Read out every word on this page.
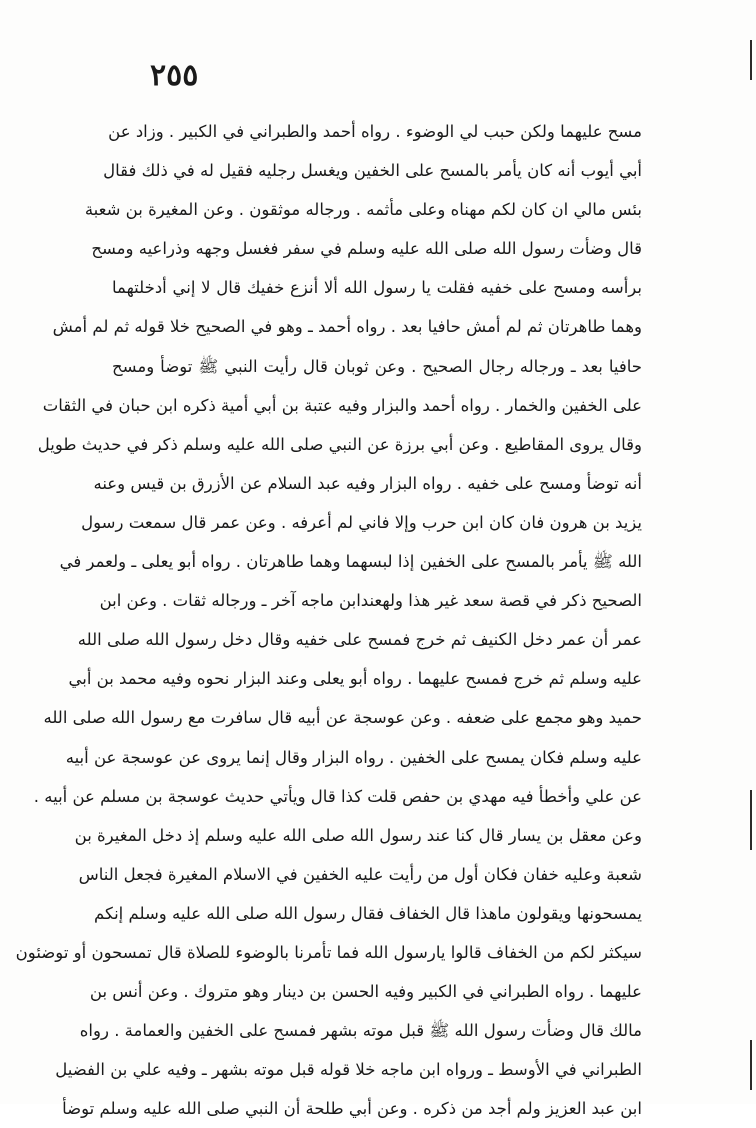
٢٥٥
مسح عليهما ولكن حبب لي الوضوء . رواه أحمد والطبراني في الكبير . وزاد عن
أبي أيوب أنه كان يأمر بالمسح على الخفين ويغسل رجليه فقيل له في ذلك فقال
بئس مالي ان كان لكم مهناه وعلى مأثمه . ورجاله موثقون . وعن المغيرة بن شعبة
قال وضأت رسول الله صلى الله عليه وسلم في سفر فغسل وجهه وذراعيه ومسح
برأسه ومسح على خفيه فقلت يا رسول الله ألا أنزع خفيك قال لا إني أدخلتهما
وهما طاهرتان ثم لم أمش حافيا بعد . رواه أحمد ـ وهو في الصحيح خلا قوله ثم لم أمش
حافيا بعد ـ ورجاله رجال الصحيح . وعن ثوبان قال رأيت النبي ﷺ توضأ ومسح
على الخفين والخمار . رواه أحمد والبزار وفيه عتبة بن أبي أمية ذكره ابن حبان في الثقات
وقال يروى المقاطيع . وعن أبي برزة عن النبي صلى الله عليه وسلم ذكر في حديث طويل
أنه توضأ ومسح على خفيه . رواه البزار وفيه عبد السلام عن الأزرق بن قيس وعنه
يزيد بن هرون فان كان ابن حرب وإلا فاني لم أعرفه . وعن عمر قال سمعت رسول
الله ﷺ يأمر بالمسح على الخفين إذا لبسهما وهما طاهرتان . رواه أبو يعلى ـ ولعمر في
الصحيح ذكر في قصة سعد غير هذا ولهعندابن ماجه آخر ـ ورجاله ثقات . وعن ابن
عمر أن عمر دخل الكنيف ثم خرج فمسح على خفيه وقال دخل رسول الله صلى الله
عليه وسلم ثم خرج فمسح عليهما . رواه أبو يعلى وعند البزار نحوه وفيه محمد بن أبي
حميد وهو مجمع على ضعفه . وعن عوسجة عن أبيه قال سافرت مع رسول الله صلى الله
عليه وسلم فكان يمسح على الخفين . رواه البزار وقال إنما يروى عن عوسجة عن أبيه
عن علي وأخطأ فيه مهدي بن حفص قلت كذا قال ويأتي حديث عوسجة بن مسلم عن أبيه .
وعن معقل بن يسار قال كنا عند رسول الله صلى الله عليه وسلم إذ دخل المغيرة بن
شعبة وعليه خفان فكان أول من رأيت عليه الخفين في الاسلام المغيرة فجعل الناس
يمسحونها ويقولون ماهذا قال الخفاف فقال رسول الله صلى الله عليه وسلم إنكم
سيكثر لكم من الخفاف قالوا يارسول الله فما تأمرنا بالوضوء للصلاة قال تمسحون أو توضئون
عليهما . رواه الطبراني في الكبير وفيه الحسن بن دينار وهو متروك . وعن أنس بن
مالك قال وضأت رسول الله ﷺ قبل موته بشهر فمسح على الخفين والعمامة . رواه
الطبراني في الأوسط ـ ورواه ابن ماجه خلا قوله قبل موته بشهر ـ وفيه علي بن الفضيل
ابن عبد العزيز ولم أجد من ذكره . وعن أبي طلحة أن النبي صلى الله عليه وسلم توضأ
